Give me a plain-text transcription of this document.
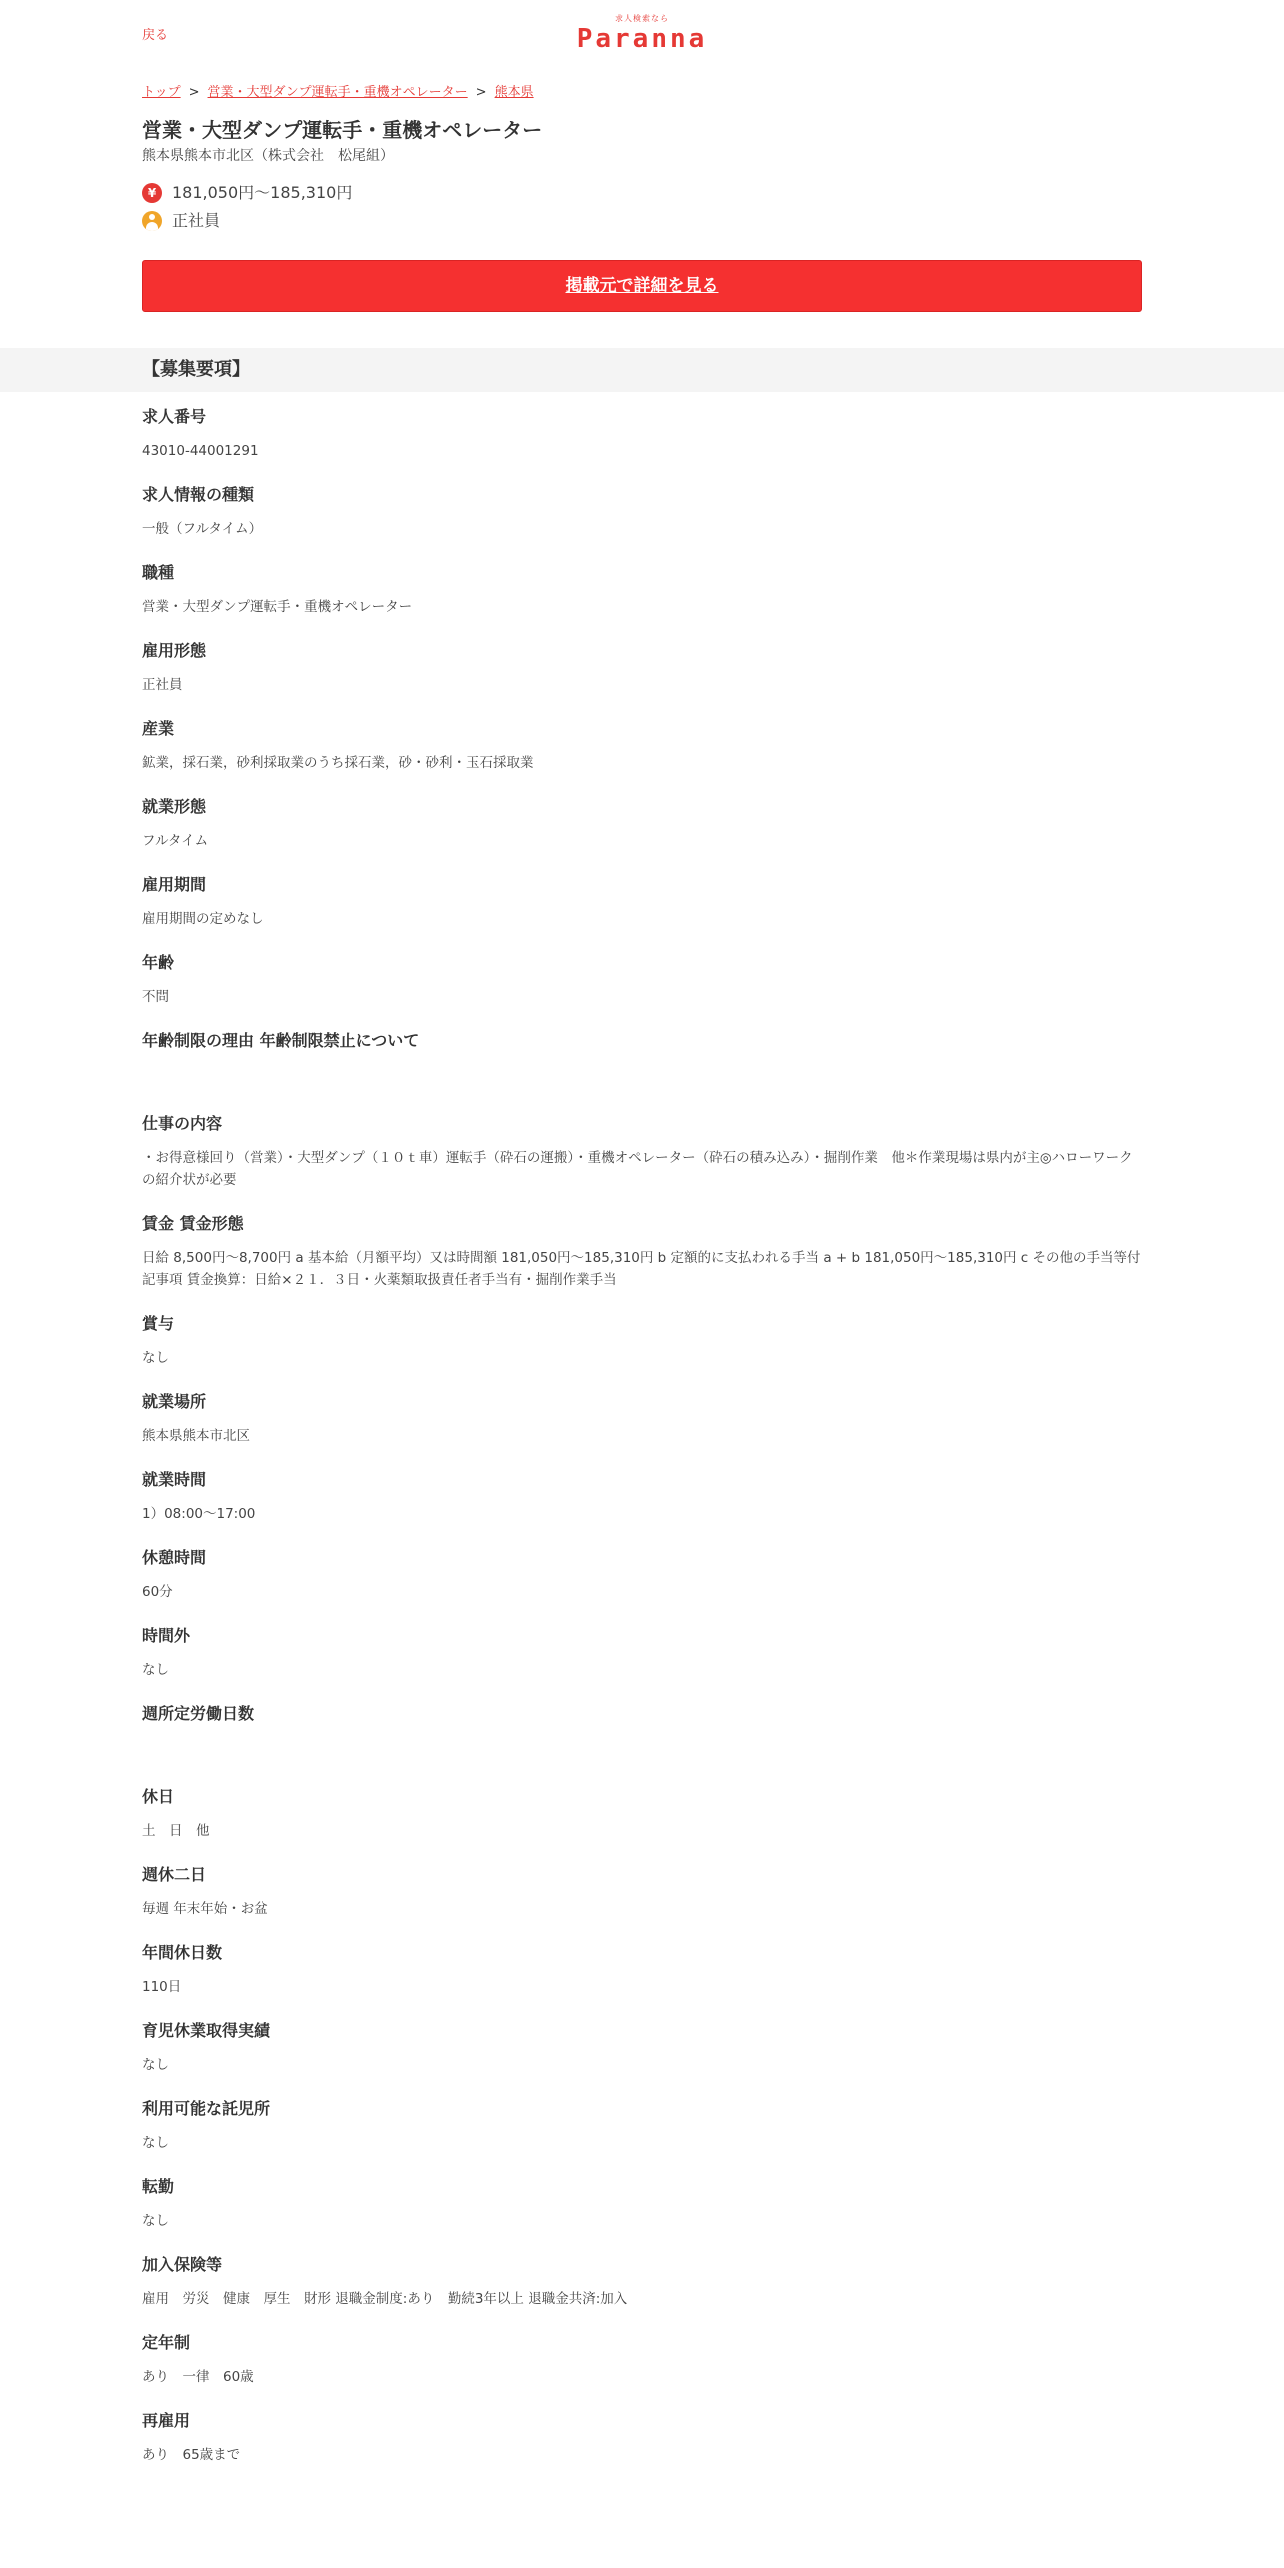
戻る
求人検索なら
Paranna
トップ > 営業・大型ダンプ運転手・重機オペレーター > 熊本県
営業・大型ダンプ運転手・重機オペレーター
熊本県熊本市北区（株式会社　松尾組）
¥ 181,050円～185,310円
正社員
掲載元で詳細を見る
【募集要項】
求人番号
43010-44001291
求人情報の種類
一般（フルタイム）
職種
営業・大型ダンプ運転手・重機オペレーター
雇用形態
正社員
産業
鉱業，採石業，砂利採取業のうち採石業，砂・砂利・玉石採取業
就業形態
フルタイム
雇用期間
雇用期間の定めなし
年齢
不問
年齢制限の理由 年齢制限禁止について
仕事の内容
・お得意様回り（営業）・大型ダンプ（１０ｔ車）運転手（砕石の運搬）・重機オペレーター（砕石の積み込み）・掘削作業　他＊作業現場は県内が主◎ハローワークの紹介状が必要
賃金 賃金形態
日給 8,500円～8,700円 a 基本給（月額平均）又は時間額 181,050円～185,310円 b 定額的に支払われる手当 a + b 181,050円～185,310円 c その他の手当等付記事項 賃金換算：日給×２１．３日・火薬類取扱責任者手当有・掘削作業手当
賞与
なし
就業場所
熊本県熊本市北区
就業時間
1）08:00～17:00
休憩時間
60分
時間外
なし
週所定労働日数
休日
土　日　他
週休二日
毎週 年末年始・お盆
年間休日数
110日
育児休業取得実績
なし
利用可能な託児所
なし
転勤
なし
加入保険等
雇用　労災　健康　厚生　財形 退職金制度:あり　勤続3年以上 退職金共済:加入
定年制
あり　一律　60歳
再雇用
あり　65歳まで
